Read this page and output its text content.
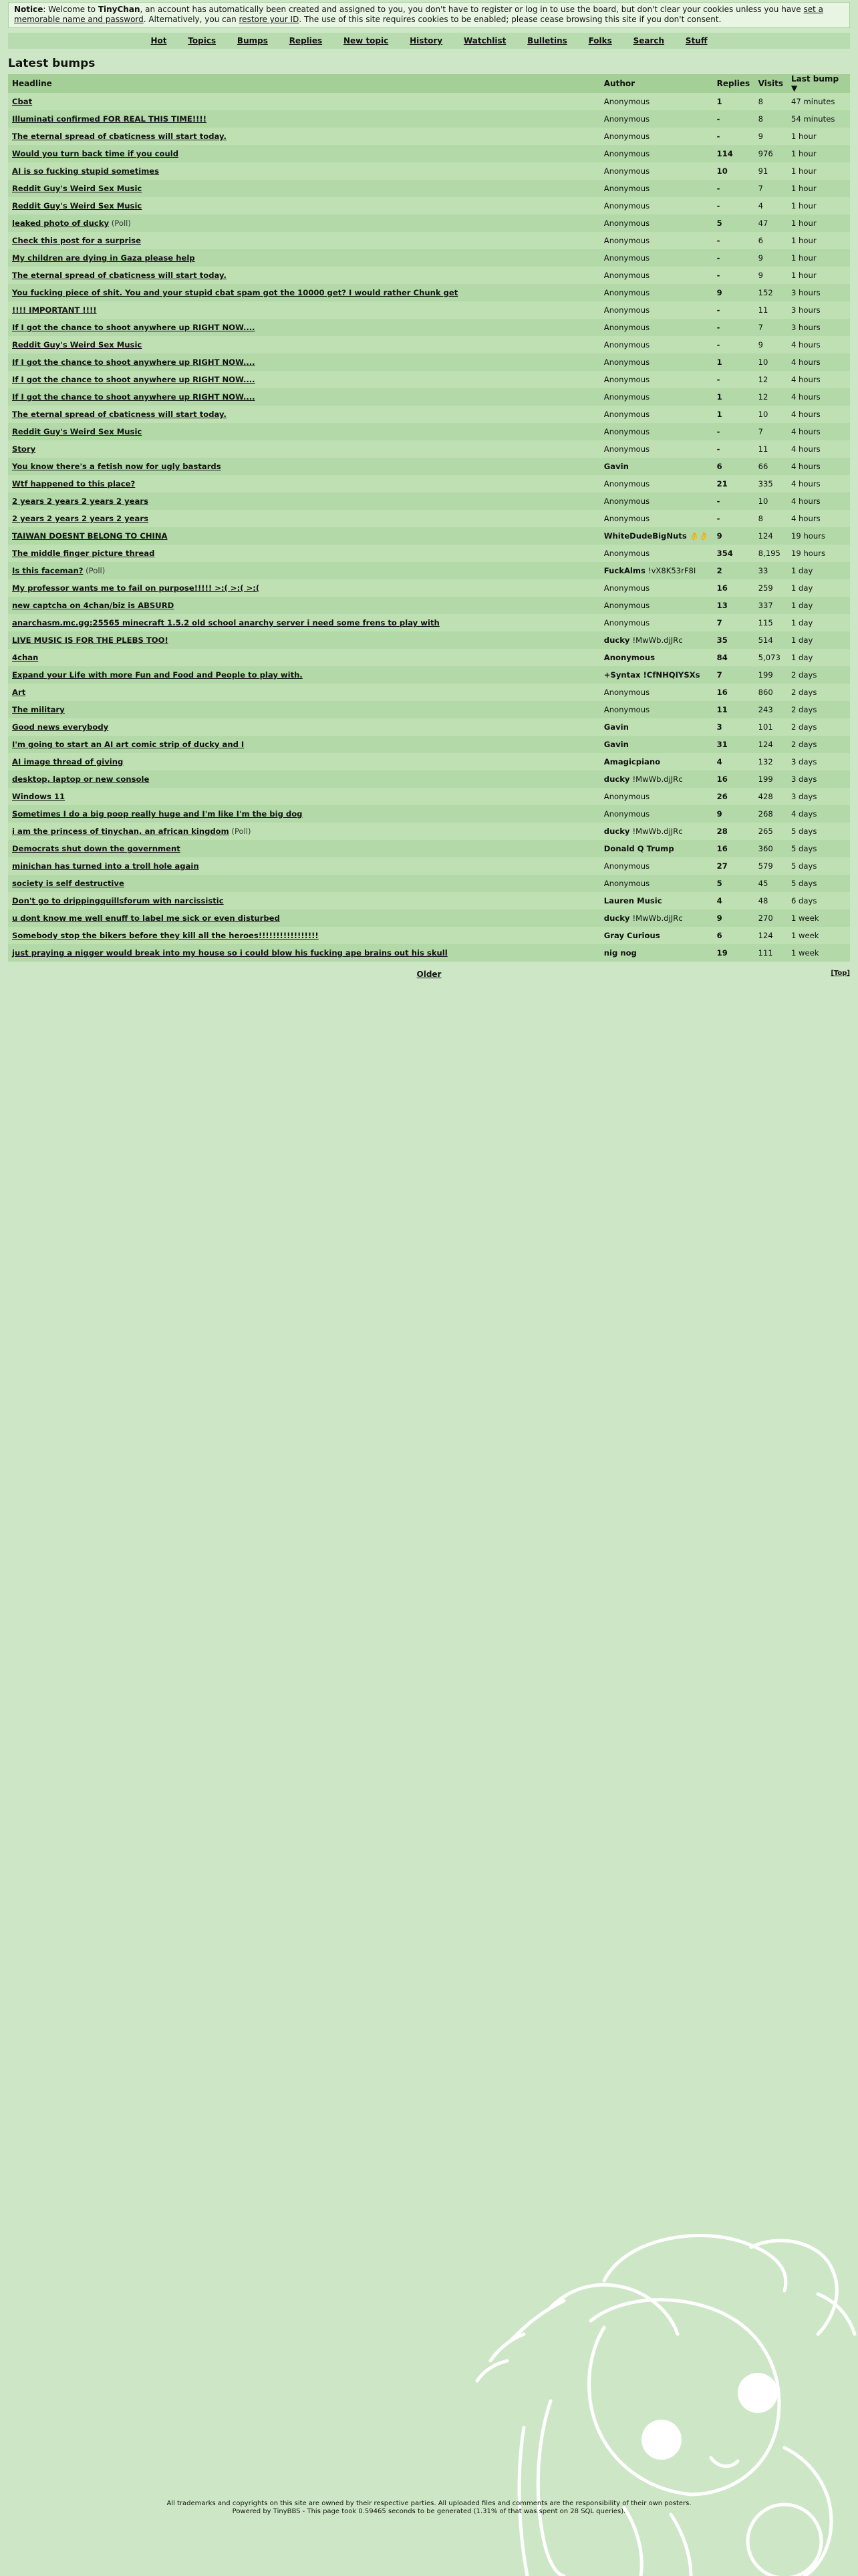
Notice: Welcome to TinyChan, an account has automatically been created and assigned to you, you don't have to register or log in to use the board, but don't clear your cookies unless you have set a memorable name and password. Alternatively, you can restore your ID. The use of this site requires cookies to be enabled; please cease browsing this site if you don't consent.
Hot	Topics	Bumps	Replies	New topic	History	Watchlist	Bulletins	Folks	Search	Stuff
Latest bumps
Headline	Author	Replies	Visits	Last bump ▼
Cbat	Anonymous	1	8	47 minutes
Illuminati confirmed FOR REAL THIS TIME!!!!	Anonymous	-	8	54 minutes
The eternal spread of cbaticness will start today.	Anonymous	-	9	1 hour
Would you turn back time if you could	Anonymous	114	976	1 hour
AI is so fucking stupid sometimes	Anonymous	10	91	1 hour
Reddit Guy's Weird Sex Music	Anonymous	-	7	1 hour
Reddit Guy's Weird Sex Music	Anonymous	-	4	1 hour
leaked photo of ducky (Poll)	Anonymous	5	47	1 hour
Check this post for a surprise	Anonymous	-	6	1 hour
My children are dying in Gaza please help	Anonymous	-	9	1 hour
The eternal spread of cbaticness will start today.	Anonymous	-	9	1 hour
You fucking piece of shit. You and your stupid cbat spam got the 10000 get? I would rather Chunk get	Anonymous	9	152	3 hours
!!!! IMPORTANT !!!!	Anonymous	-	11	3 hours
If I got the chance to shoot anywhere up RIGHT NOW....	Anonymous	-	7	3 hours
Reddit Guy's Weird Sex Music	Anonymous	-	9	4 hours
If I got the chance to shoot anywhere up RIGHT NOW....	Anonymous	1	10	4 hours
If I got the chance to shoot anywhere up RIGHT NOW....	Anonymous	-	12	4 hours
If I got the chance to shoot anywhere up RIGHT NOW....	Anonymous	1	12	4 hours
The eternal spread of cbaticness will start today.	Anonymous	1	10	4 hours
Reddit Guy's Weird Sex Music	Anonymous	-	7	4 hours
Story	Anonymous	-	11	4 hours
You know there's a fetish now for ugly bastards	Gavin	6	66	4 hours
Wtf happened to this place?	Anonymous	21	335	4 hours
2 years 2 years 2 years 2 years	Anonymous	-	10	4 hours
2 years 2 years 2 years 2 years	Anonymous	-	8	4 hours
TAIWAN DOESNT BELONG TO CHINA	WhiteDudeBigNuts 👌👌	9	124	19 hours
The middle finger picture thread	Anonymous	354	8,195	19 hours
Is this faceman? (Poll)	FuckAlms !vX8K53rF8I	2	33	1 day
My professor wants me to fail on purpose!!!!! >:( >:( >:(	Anonymous	16	259	1 day
new captcha on 4chan/biz is ABSURD	Anonymous	13	337	1 day
anarchasm.mc.gg:25565 minecraft 1.5.2 old school anarchy server i need some frens to play with	Anonymous	7	115	1 day
LIVE MUSIC IS FOR THE PLEBS TOO!	ducky !MwWb.djJRc	35	514	1 day
4chan	Anonymous	84	5,073	1 day
Expand your Life with more Fun and Food and People to play with.	+Syntax !CfNHQIYSXs	7	199	2 days
Art	Anonymous	16	860	2 days
The military	Anonymous	11	243	2 days
Good news everybody	Gavin	3	101	2 days
I'm going to start an AI art comic strip of ducky and I	Gavin	31	124	2 days
AI image thread of giving	Amagicpiano	4	132	3 days
desktop, laptop or new console	ducky !MwWb.djJRc	16	199	3 days
Windows 11	Anonymous	26	428	3 days
Sometimes I do a big poop really huge and I'm like I'm the big dog	Anonymous	9	268	4 days
i am the princess of tinychan, an african kingdom (Poll)	ducky !MwWb.djJRc	28	265	5 days
Democrats shut down the government	Donald Q Trump	16	360	5 days
minichan has turned into a troll hole again	Anonymous	27	579	5 days
society is self destructive	Anonymous	5	45	5 days
Don't go to drippingquillsforum with narcissistic	Lauren Music	4	48	6 days
u dont know me well enuff to label me sick or even disturbed	ducky !MwWb.djJRc	9	270	1 week
Somebody stop the bikers before they kill all the heroes!!!!!!!!!!!!!!!!!	Gray Curious	6	124	1 week
just praying a nigger would break into my house so i could blow his fucking ape brains out his skull	nig nog	19	111	1 week
Older	[Top]
All trademarks and copyrights on this site are owned by their respective parties. All uploaded files and comments are the responsibility of their own posters.
Powered by TinyBBS - This page took 0.59465 seconds to be generated (1.31% of that was spent on 28 SQL queries).
